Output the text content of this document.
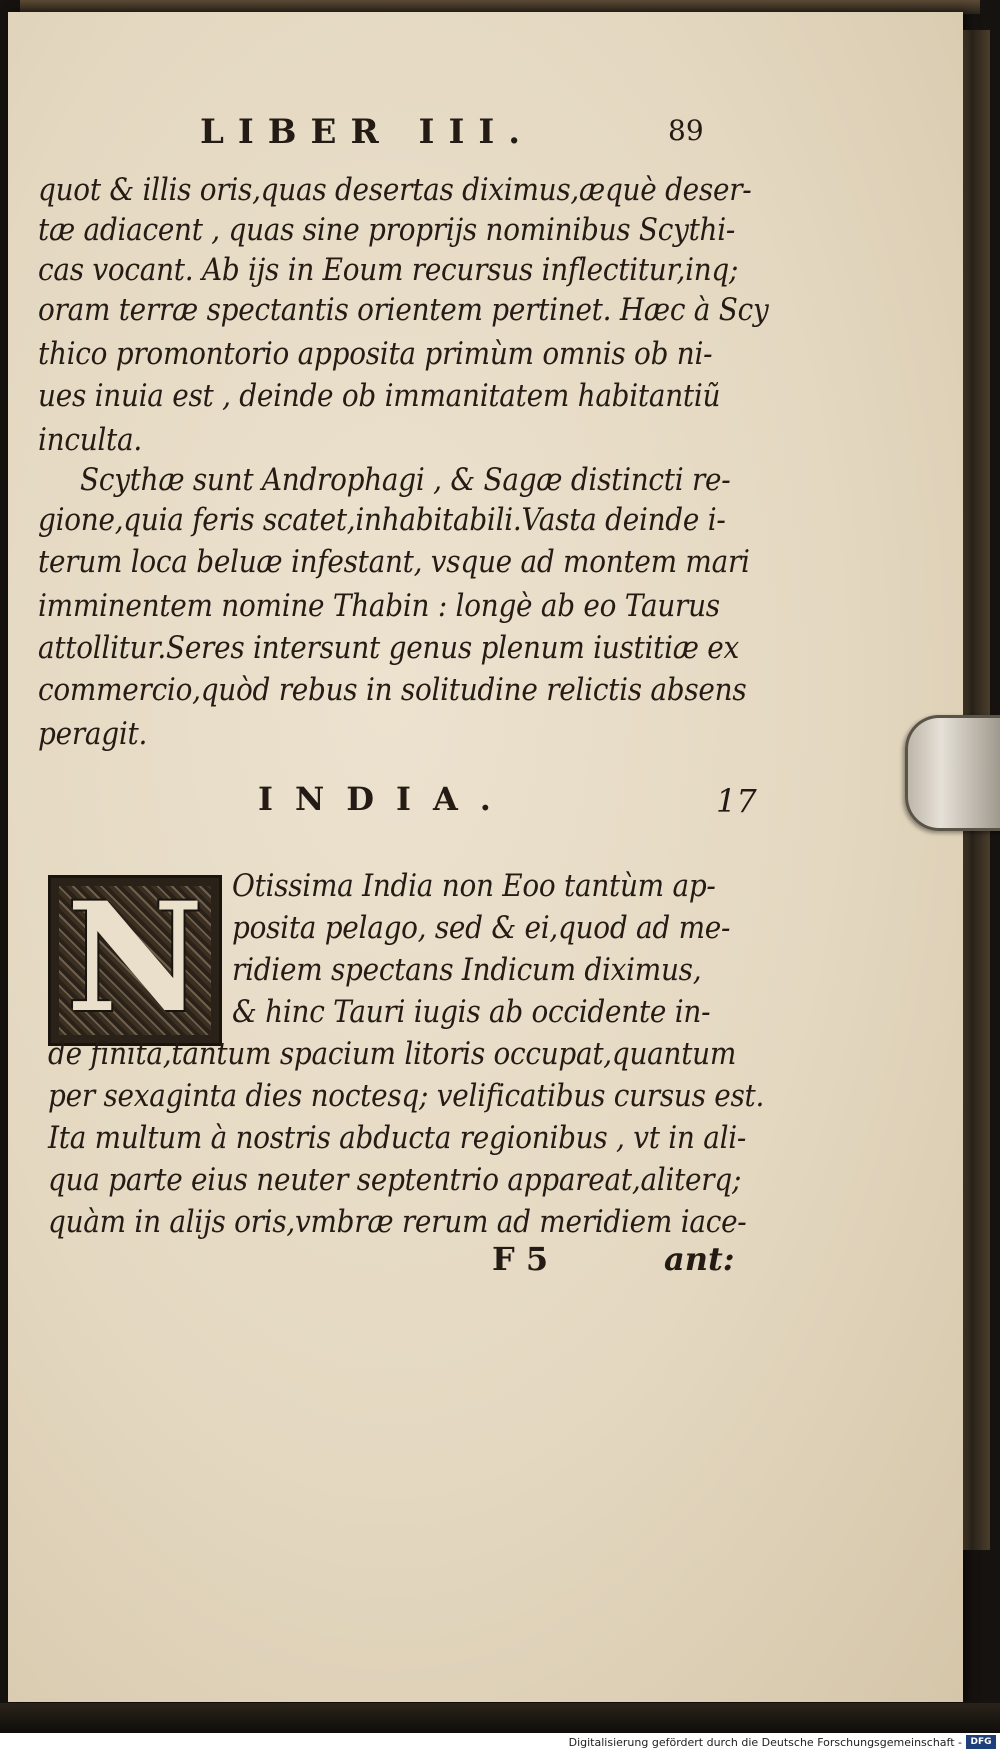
LIBER III.	89
quot & illis oris,quas desertas diximus,æquè deser-
tæ adiacent , quas sine proprijs nominibus Scythi-
cas vocant. Ab ijs in Eoum recursus inflectitur,inq;
oram terræ spectantis orientem pertinet. Hæc à Scy
thico promontorio apposita primùm omnis ob ni-
ues inuia est , deinde ob immanitatem habitantiũ
inculta.
Scythæ sunt Androphagi , & Sagæ distincti re-
gione,quia feris scatet,inhabitabili.Vasta deinde i-
terum loca beluæ infestant, vsque ad montem mari
imminentem nomine Thabin : longè ab eo Taurus
attollitur.Seres intersunt genus plenum iustitiæ ex
commercio,quòd rebus in solitudine relictis absens
peragit.
INDIA.	17
N Otissima India non Eoo tantùm ap-
posita pelago, sed & ei,quod ad me-
ridiem spectans Indicum diximus,
& hinc Tauri iugis ab occidente in-
de finita,tantum spacium litoris occupat,quantum
per sexaginta dies noctesq; velificatibus cursus est.
Ita multum à nostris abducta regionibus , vt in ali-
qua parte eius neuter septentrio appareat,aliterq;
quàm in alijs oris,vmbræ rerum ad meridiem iace-
F 5	ant:
Digitalisierung gefördert durch die Deutsche Forschungsgemeinschaft - DFG
